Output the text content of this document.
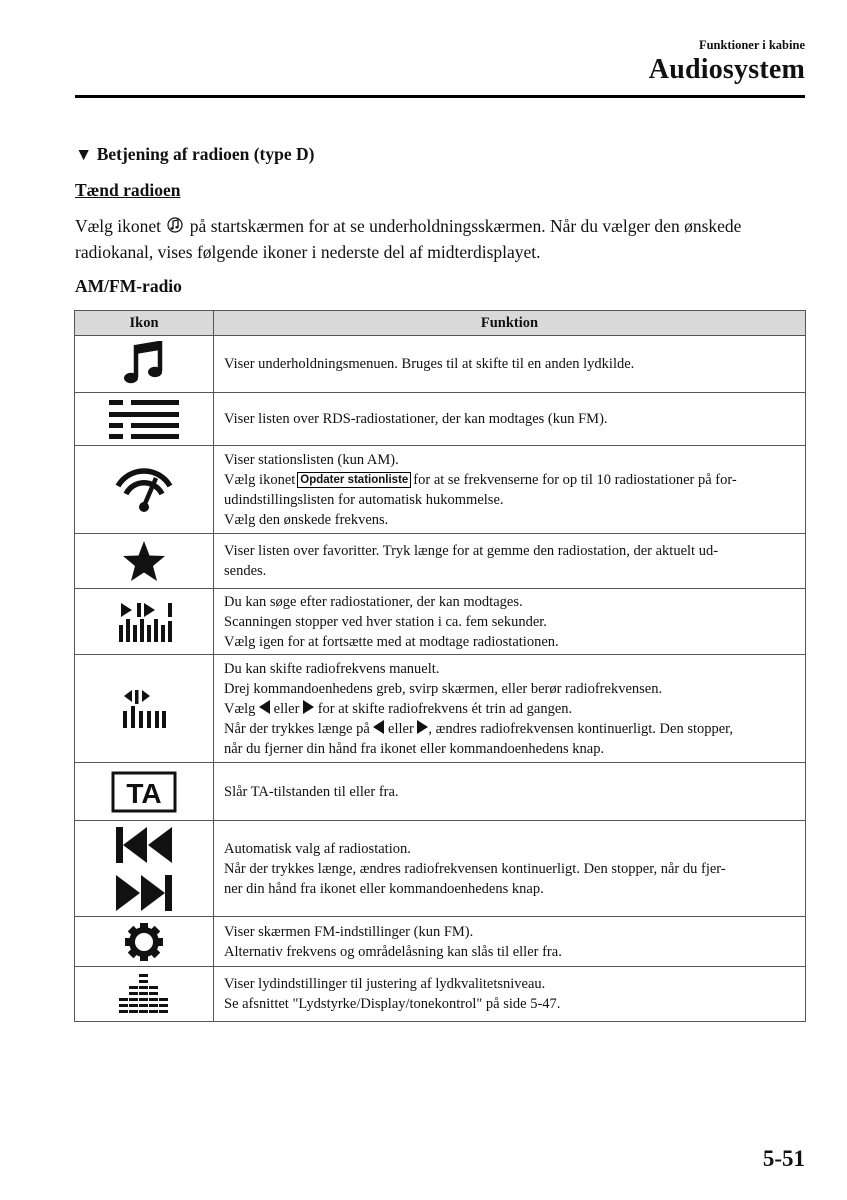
Funktioner i kabine
Audiosystem
▼ Betjening af radioen (type D)
Tænd radioen
Vælg ikonet på startskærmen for at se underholdningsskærmen. Når du vælger den ønskede radiokanal, vises følgende ikoner i nederste del af midterdisplayet.
AM/FM-radio
Ikon	Funktion

Viser underholdningsmenuen. Bruges til at skifte til en anden lydkilde.

Viser listen over RDS-radiostationer, der kan modtages (kun FM).

Viser stationslisten (kun AM).
Vælg ikonet Opdater stationliste for at se frekvenserne for op til 10 radiostationer på for-
udindstillingslisten for automatisk hukommelse.
Vælg den ønskede frekvens.

Viser listen over favoritter. Tryk længe for at gemme den radiostation, der aktuelt ud-
sendes.

Du kan søge efter radiostationer, der kan modtages.
Scanningen stopper ved hver station i ca. fem sekunder.
Vælg igen for at fortsætte med at modtage radiostationen.

Du kan skifte radiofrekvens manuelt.
Drej kommandoenhedens greb, svirp skærmen, eller berør radiofrekvensen.
Vælg eller for at skifte radiofrekvens ét trin ad gangen.
Når der trykkes længe på eller , ændres radiofrekvensen kontinuerligt. Den stopper,
når du fjerner din hånd fra ikonet eller kommandoenhedens knap.

TA	Slår TA-tilstanden til eller fra.

Automatisk valg af radiostation.
Når der trykkes længe, ændres radiofrekvensen kontinuerligt. Den stopper, når du fjer-
ner din hånd fra ikonet eller kommandoenhedens knap.

Viser skærmen FM-indstillinger (kun FM).
Alternativ frekvens og områdelåsning kan slås til eller fra.

Viser lydindstillinger til justering af lydkvalitetsniveau.
Se afsnittet "Lydstyrke/Display/tonekontrol" på side 5-47.
5-51
